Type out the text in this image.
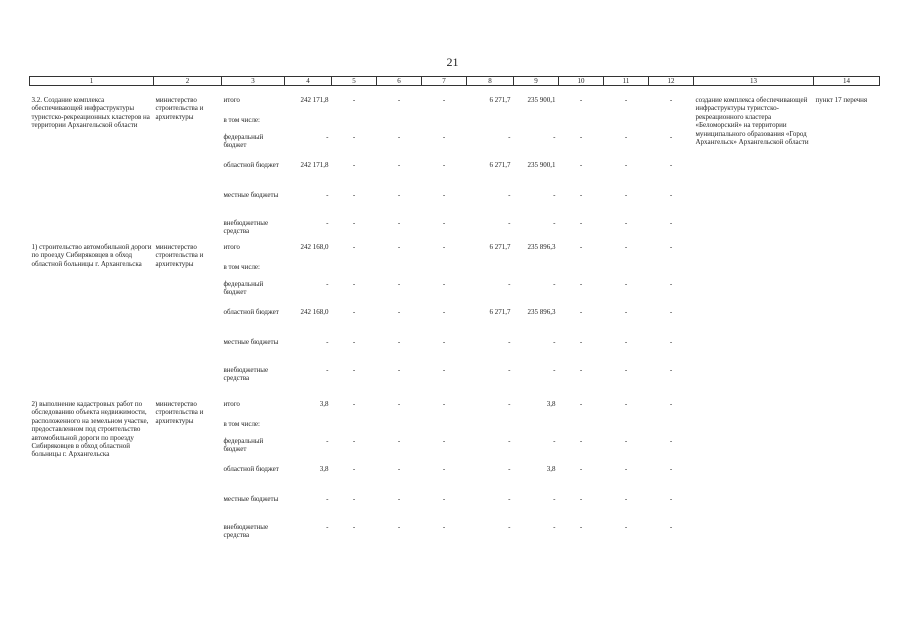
21
1	2	3	4	5	6	7	8	9	10	11	12	13	14

3.2. Создание комплекса обеспечивающей инфраструктуры туристско-рекреационных кластеров на территории Архангельской области	министерство строительства и архитектуры	итого	242 171,8	-	-	-	6 271,7	235 900,1	-	-	-	создание комплекса обеспечивающей инфраструктуры туристско-рекреационного кластера «Беломорский» на территории муниципального образования «Город Архангельск» Архангельской области	пункт 17 перечня
		в том числе:											
		федеральный бюджет	-	-	-	-	-	-	-	-	-		
		областной бюджет	242 171,8	-	-	-	6 271,7	235 900,1	-	-	-		
		местные бюджеты	-	-	-	-	-	-	-	-	-		
		внебюджетные средства	-	-	-	-	-	-	-	-	-		

1) строительство автомобильной дороги по проезду Сибиряковцев в обход областной больницы г. Архангельска	министерство строительства и архитектуры	итого	242 168,0	-	-	-	6 271,7	235 896,3	-	-	-		
		в том числе:											
		федеральный бюджет	-	-	-	-	-	-	-	-	-		
		областной бюджет	242 168,0	-	-	-	6 271,7	235 896,3	-	-	-		
		местные бюджеты	-	-	-	-	-	-	-	-	-		
		внебюджетные средства	-	-	-	-	-	-	-	-	-		

2) выполнение кадастровых работ по обследованию объекта недвижимости, расположенного на земельном участке, предоставленном под строительство автомобильной дороги по проезду Сибиряковцев в обход областной больницы г. Архангельска	министерство строительства и архитектуры	итого	3,8	-	-	-	-	3,8	-	-	-		
		в том числе:											
		федеральный бюджет	-	-	-	-	-	-	-	-	-		
		областной бюджет	3,8	-	-	-	-	3,8	-	-	-		
		местные бюджеты	-	-	-	-	-	-	-	-	-		
		внебюджетные средства	-	-	-	-	-	-	-	-	-		
